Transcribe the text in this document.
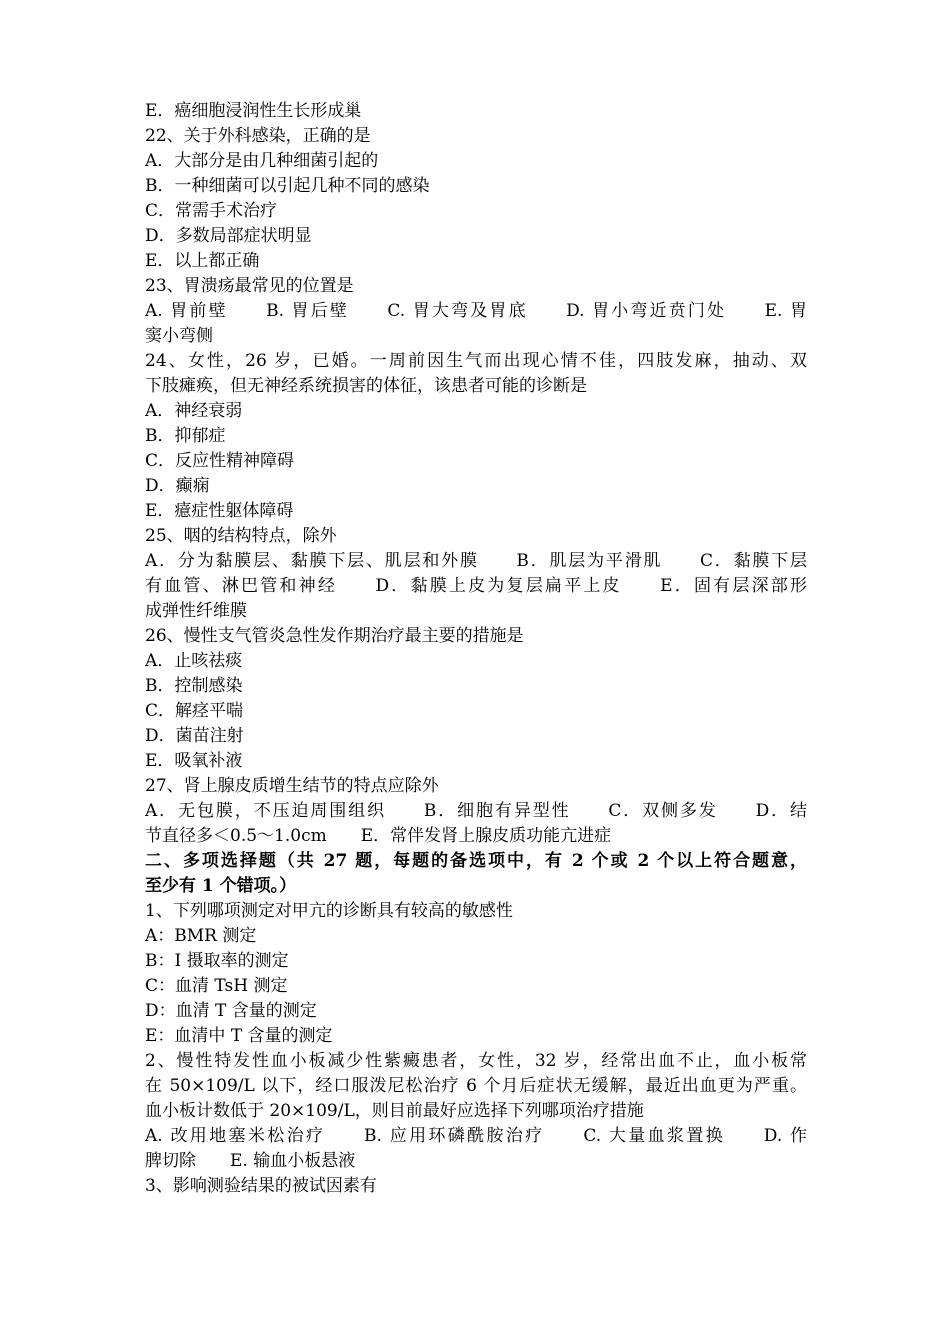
E．癌细胞浸润性生长形成巢
22、关于外科感染，正确的是
A．大部分是由几种细菌引起的
B．一种细菌可以引起几种不同的感染
C．常需手术治疗
D．多数局部症状明显
E．以上都正确
23、胃溃疡最常见的位置是
A. 胃前壁　　B. 胃后壁　　C. 胃大弯及胃底　　D. 胃小弯近贲门处　　E. 胃
窦小弯侧
24、女性，26 岁，已婚。一周前因生气而出现心情不佳，四肢发麻，抽动、双
下肢瘫痪，但无神经系统损害的体征，该患者可能的诊断是
A．神经衰弱
B．抑郁症
C．反应性精神障碍
D．癫痫
E．癔症性躯体障碍
25、咽的结构特点，除外
A．分为黏膜层、黏膜下层、肌层和外膜　　B．肌层为平滑肌　　C．黏膜下层
有血管、淋巴管和神经　　D．黏膜上皮为复层扁平上皮　　E．固有层深部形
成弹性纤维膜
26、慢性支气管炎急性发作期治疗最主要的措施是
A．止咳祛痰
B．控制感染
C．解痉平喘
D．菌苗注射
E．吸氧补液
27、肾上腺皮质增生结节的特点应除外
A．无包膜，不压迫周围组织　　B．细胞有异型性　　C．双侧多发　　D．结
节直径多＜0.5～1.0cm　　E．常伴发肾上腺皮质功能亢进症
二、多项选择题（共 27 题，每题的备选项中，有 2 个或 2 个以上符合题意，
至少有 1 个错项。）
1、下列哪项测定对甲亢的诊断具有较高的敏感性
A：BMR 测定
B：I 摄取率的测定
C：血清 TsH 测定
D：血清 T 含量的测定
E：血清中 T 含量的测定
2、慢性特发性血小板减少性紫癜患者，女性，32 岁，经常出血不止，血小板常
在 50×109/L 以下，经口服泼尼松治疗 6 个月后症状无缓解，最近出血更为严重。
血小板计数低于 20×109/L，则目前最好应选择下列哪项治疗措施
A. 改用地塞米松治疗　　B. 应用环磷酰胺治疗　　C. 大量血浆置换　　D. 作
脾切除　　E. 输血小板悬液
3、影响测验结果的被试因素有
